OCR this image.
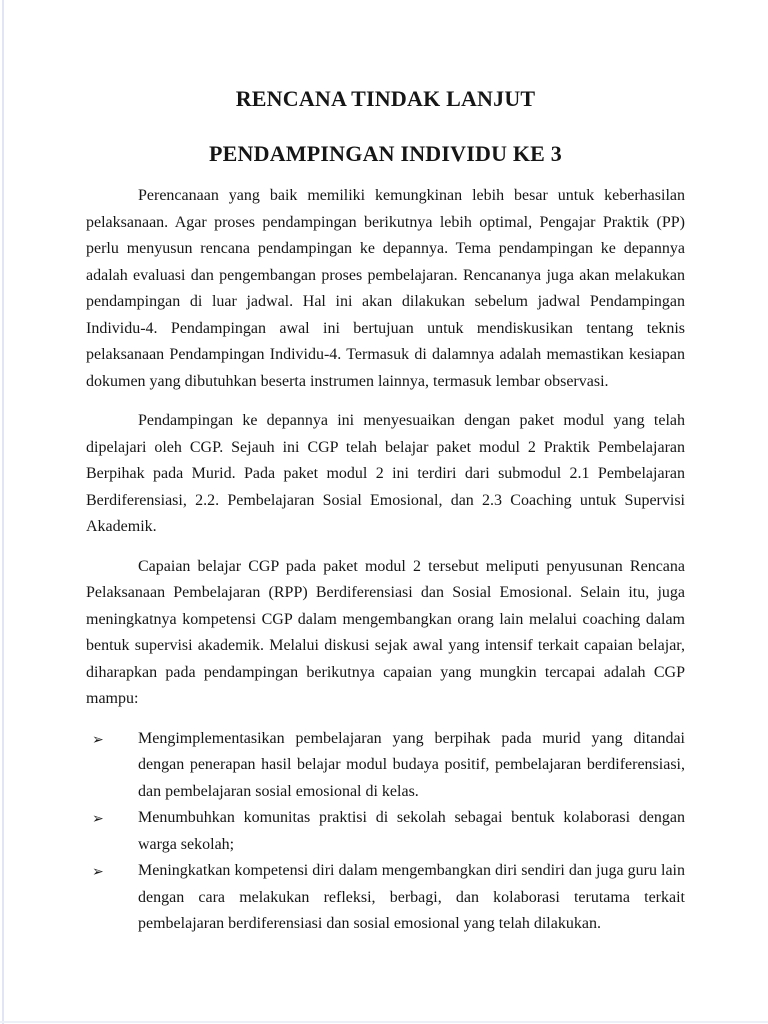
RENCANA TINDAK LANJUT
PENDAMPINGAN INDIVIDU KE 3

Perencanaan yang baik memiliki kemungkinan lebih besar untuk keberhasilan pelaksanaan. Agar proses pendampingan berikutnya lebih optimal, Pengajar Praktik (PP) perlu menyusun rencana pendampingan ke depannya. Tema pendampingan ke depannya adalah evaluasi dan pengembangan proses pembelajaran. Rencananya juga akan melakukan pendampingan di luar jadwal. Hal ini akan dilakukan sebelum jadwal Pendampingan Individu-4. Pendampingan awal ini bertujuan untuk mendiskusikan tentang teknis pelaksanaan Pendampingan Individu-4. Termasuk di dalamnya adalah memastikan kesiapan dokumen yang dibutuhkan beserta instrumen lainnya, termasuk lembar observasi.

Pendampingan ke depannya ini menyesuaikan dengan paket modul yang telah dipelajari oleh CGP. Sejauh ini CGP telah belajar paket modul 2 Praktik Pembelajaran Berpihak pada Murid. Pada paket modul 2 ini terdiri dari submodul 2.1 Pembelajaran Berdiferensiasi, 2.2. Pembelajaran Sosial Emosional, dan 2.3 Coaching untuk Supervisi Akademik.

Capaian belajar CGP pada paket modul 2 tersebut meliputi penyusunan Rencana Pelaksanaan Pembelajaran (RPP) Berdiferensiasi dan Sosial Emosional. Selain itu, juga meningkatnya kompetensi CGP dalam mengembangkan orang lain melalui coaching dalam bentuk supervisi akademik. Melalui diskusi sejak awal yang intensif terkait capaian belajar, diharapkan pada pendampingan berikutnya capaian yang mungkin tercapai adalah CGP mampu:

➢ Mengimplementasikan pembelajaran yang berpihak pada murid yang ditandai dengan penerapan hasil belajar modul budaya positif, pembelajaran berdiferensiasi, dan pembelajaran sosial emosional di kelas.
➢ Menumbuhkan komunitas praktisi di sekolah sebagai bentuk kolaborasi dengan warga sekolah;
➢ Meningkatkan kompetensi diri dalam mengembangkan diri sendiri dan juga guru lain dengan cara melakukan refleksi, berbagi, dan kolaborasi terutama terkait pembelajaran berdiferensiasi dan sosial emosional yang telah dilakukan.
